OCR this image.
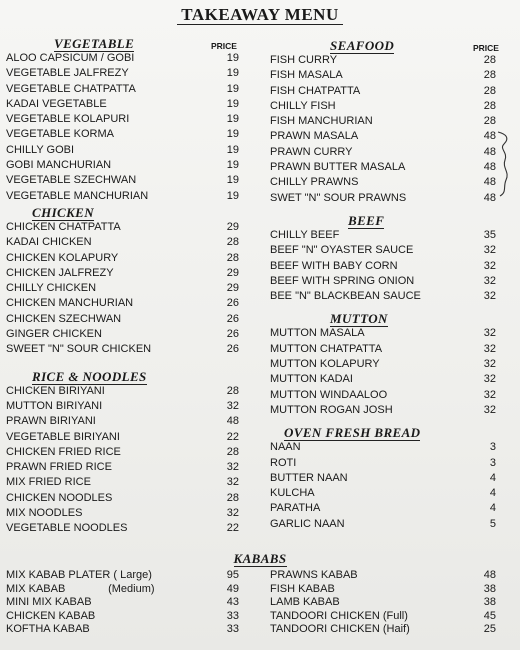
TAKEAWAY MENU
VEGETABLE	PRICE
ALOO CAPSICUM / GOBI	19
VEGETABLE JALFREZY	19
VEGETABLE CHATPATTA	19
KADAI VEGETABLE	19
VEGETABLE KOLAPURI	19
VEGETABLE KORMA	19
CHILLY GOBI	19
GOBI MANCHURIAN	19
VEGETABLE SZECHWAN	19
VEGETABLE MANCHURIAN	19
CHICKEN
CHICKEN CHATPATTA	29
KADAI CHICKEN	28
CHICKEN KOLAPURY	28
CHICKEN JALFREZY	29
CHILLY CHICKEN	29
CHICKEN MANCHURIAN	26
CHICKEN SZECHWAN	26
GINGER CHICKEN	26
SWEET "N" SOUR CHICKEN	26
RICE & NOODLES
CHICKEN BIRIYANI	28
MUTTON BIRIYANI	32
PRAWN BIRIYANI	48
VEGETABLE BIRIYANI	22
CHICKEN FRIED RICE	28
PRAWN FRIED RICE	32
MIX FRIED RICE	32
CHICKEN NOODLES	28
MIX NOODLES	32
VEGETABLE NOODLES	22
SEAFOOD	PRICE
FISH CURRY	28
FISH MASALA	28
FISH CHATPATTA	28
CHILLY FISH	28
FISH MANCHURIAN	28
PRAWN MASALA	48
PRAWN CURRY	48
PRAWN BUTTER MASALA	48
CHILLY PRAWNS	48
SWET "N" SOUR PRAWNS	48
BEEF
CHILLY BEEF	35
BEEF "N" OYASTER SAUCE	32
BEEF WITH BABY CORN	32
BEEF WITH SPRING ONION	32
BEE "N" BLACKBEAN SAUCE	32
MUTTON
MUTTON MASALA	32
MUTTON CHATPATTA	32
MUTTON KOLAPURY	32
MUTTON KADAI	32
MUTTON WINDAALOO	32
MUTTON ROGAN JOSH	32
OVEN FRESH BREAD
NAAN	3
ROTI	3
BUTTER NAAN	4
KULCHA	4
PARATHA	4
GARLIC NAAN	5
KABABS
MIX KABAB PLATER ( Large)	95
MIX KABAB              (Medium)	49
MINI MIX KABAB	43
CHICKEN KABAB	33
KOFTHA KABAB	33
PRAWNS KABAB	48
FISH KABAB	38
LAMB KABAB	38
TANDOORI CHICKEN (Full)	45
TANDOORI CHICKEN (Haif)	25
